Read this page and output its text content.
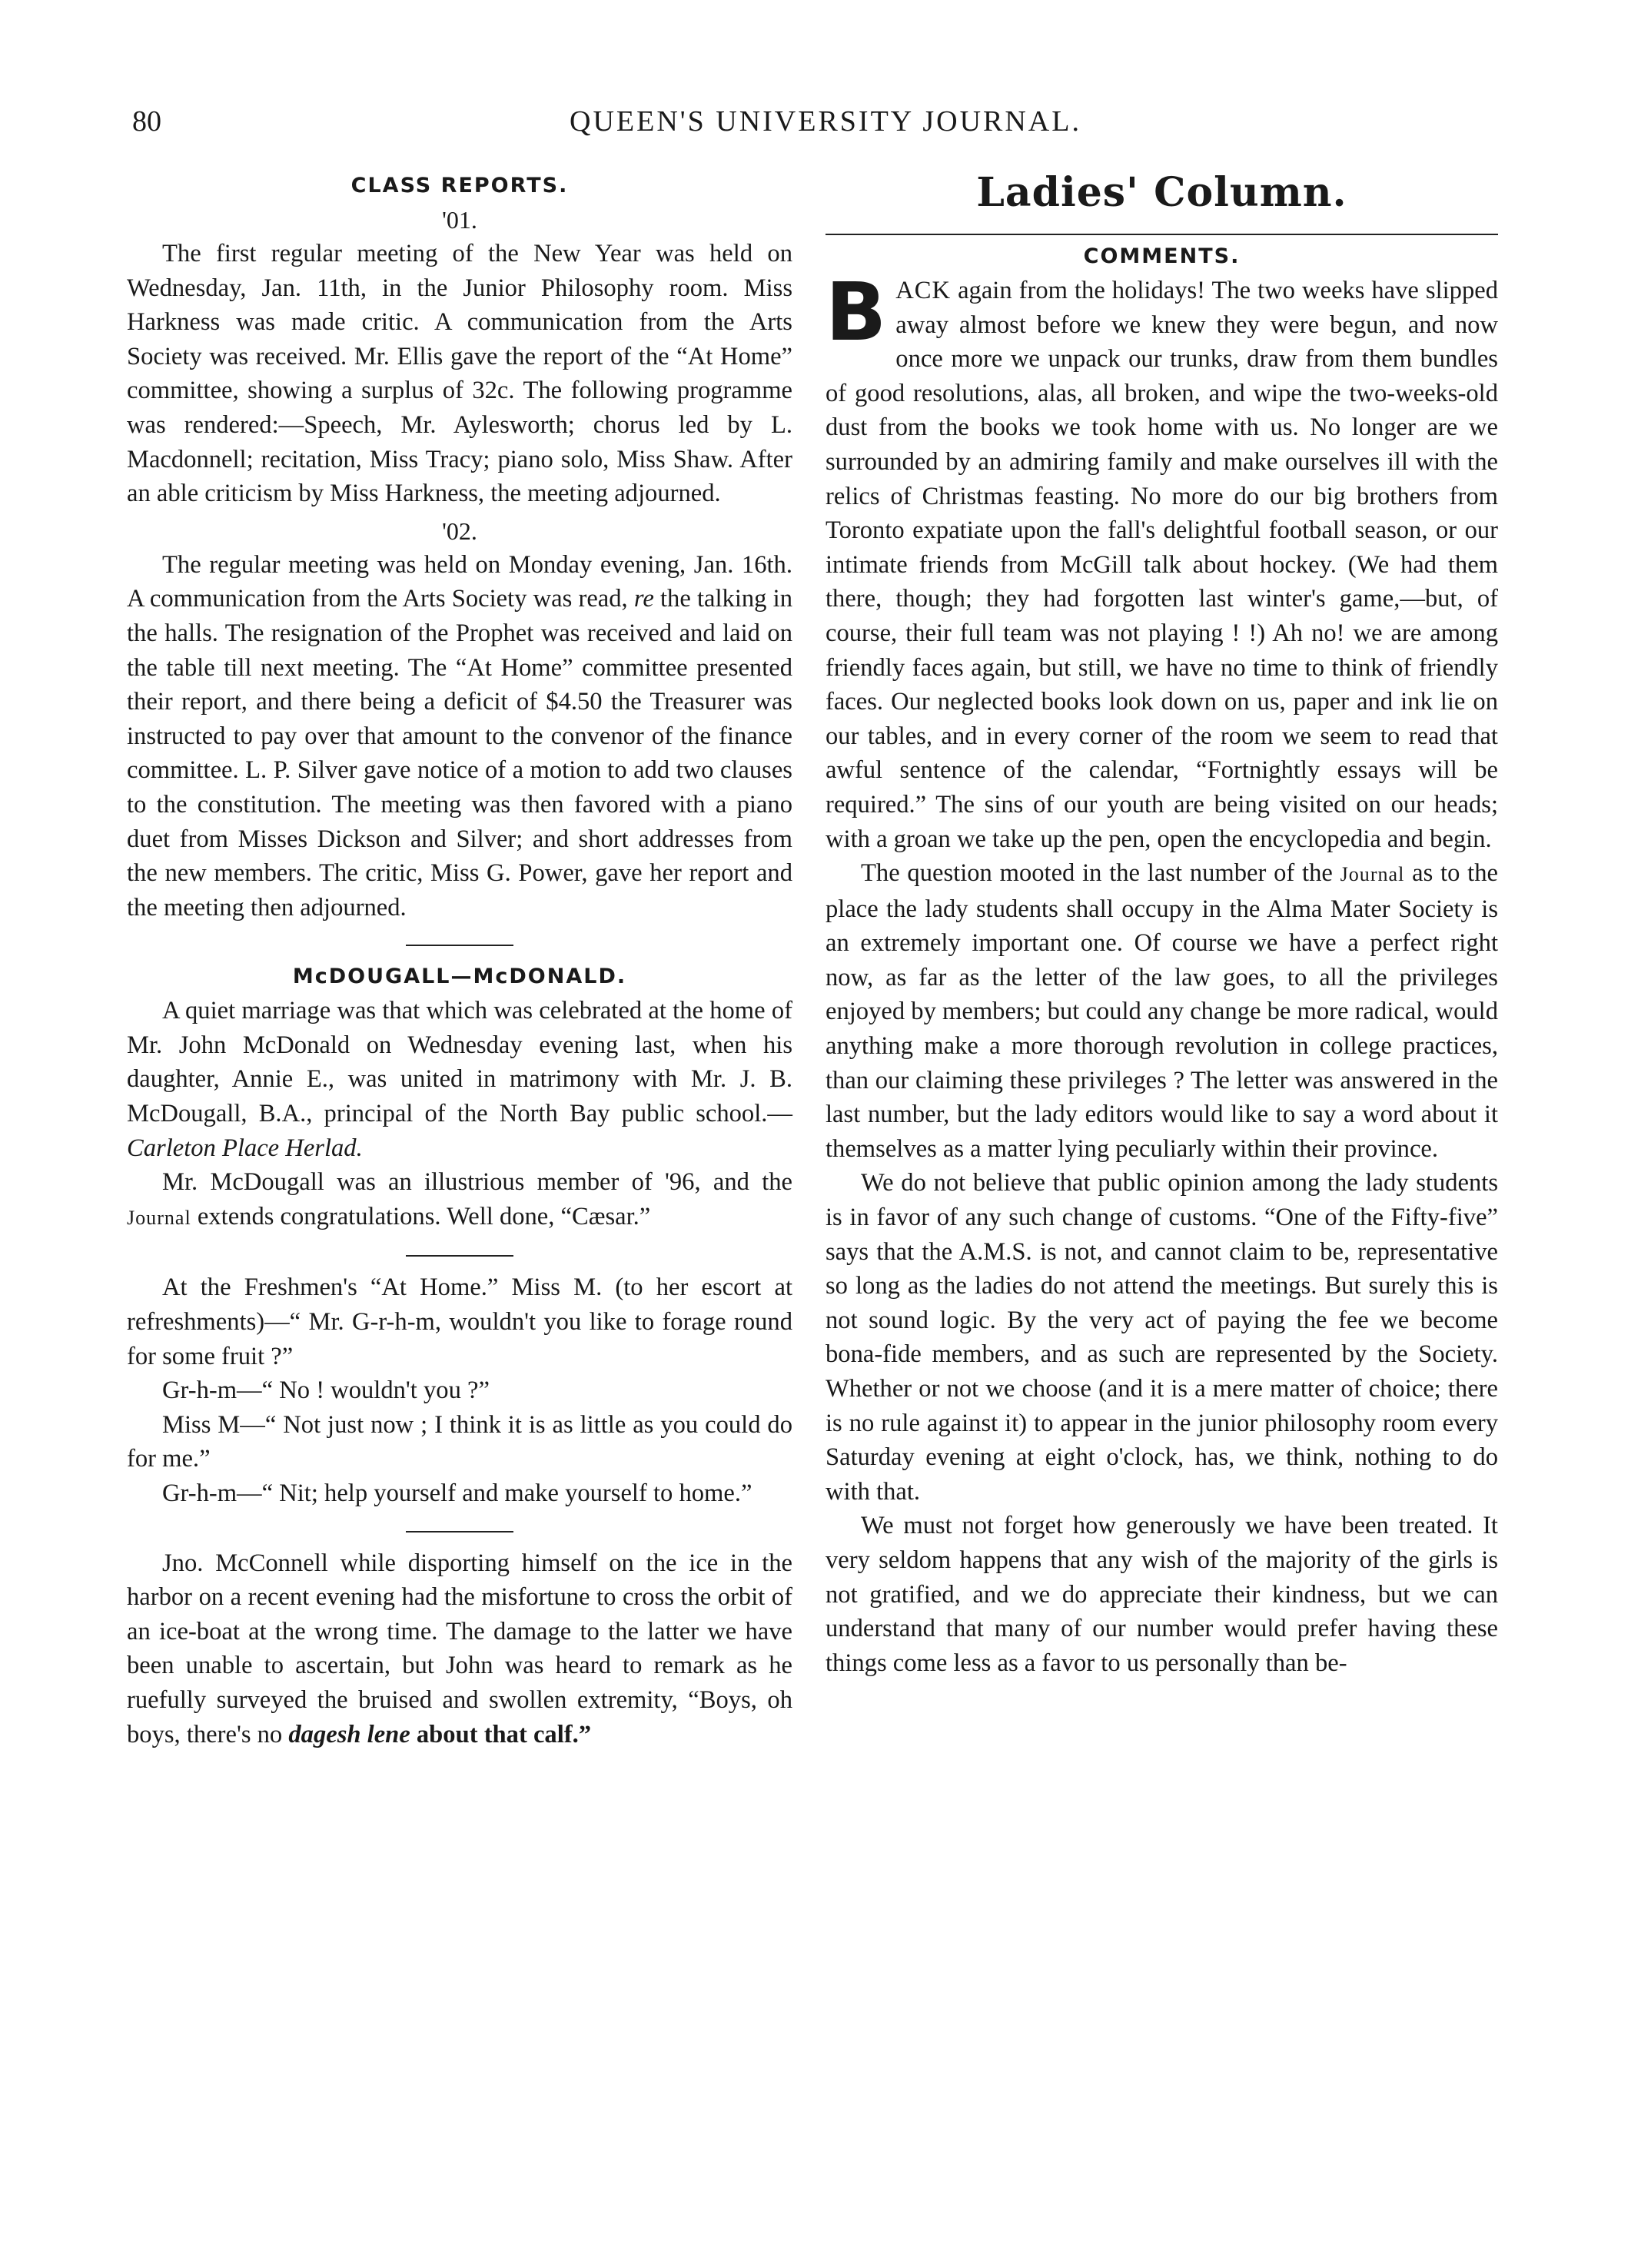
80	QUEEN'S UNIVERSITY JOURNAL.
CLASS REPORTS.
'01.

The first regular meeting of the New Year was held on Wednesday, Jan. 11th, in the Junior Philosophy room. Miss Harkness was made critic. A communication from the Arts Society was received. Mr. Ellis gave the report of the “At Home” committee, showing a surplus of 32c. The following programme was rendered:—Speech, Mr. Aylesworth; chorus led by L. Macdonnell; recitation, Miss Tracy; piano solo, Miss Shaw. After an able criticism by Miss Harkness, the meeting adjourned.

'02.

The regular meeting was held on Monday evening, Jan. 16th. A communication from the Arts Society was read, re the talking in the halls. The resignation of the Prophet was received and laid on the table till next meeting. The “At Home” committee presented their report, and there being a deficit of $4.50 the Treasurer was instructed to pay over that amount to the convenor of the finance committee. L. P. Silver gave notice of a motion to add two clauses to the constitution. The meeting was then favored with a piano duet from Misses Dickson and Silver; and short addresses from the new members. The critic, Miss G. Power, gave her report and the meeting then adjourned.

McDOUGALL—McDONALD.

A quiet marriage was that which was celebrated at the home of Mr. John McDonald on Wednesday evening last, when his daughter, Annie E., was united in matrimony with Mr. J. B. McDougall, B.A., principal of the North Bay public school.—Carleton Place Herlad.

Mr. McDougall was an illustrious member of '96, and the Journal extends congratulations. Well done, “Cæsar.”

At the Freshmen's “At Home.” Miss M. (to her escort at refreshments)—“ Mr. G-r-h-m, wouldn't you like to forage round for some fruit ?”

Gr-h-m—“ No ! wouldn't you ?”

Miss M—“ Not just now ; I think it is as little as you could do for me.”

Gr-h-m—“ Nit; help yourself and make yourself to home.”

Jno. McConnell while disporting himself on the ice in the harbor on a recent evening had the misfortune to cross the orbit of an ice-boat at the wrong time. The damage to the latter we have been unable to ascertain, but John was heard to remark as he ruefully surveyed the bruised and swollen extremity, “Boys, oh boys, there's no dagesh lene about that calf.”

Ladies' Column.
COMMENTS.

BACK again from the holidays! The two weeks have slipped away almost before we knew they were begun, and now once more we unpack our trunks, draw from them bundles of good resolutions, alas, all broken, and wipe the two-weeks-old dust from the books we took home with us. No longer are we surrounded by an admiring family and make ourselves ill with the relics of Christmas feasting. No more do our big brothers from Toronto expatiate upon the fall's delightful football season, or our intimate friends from McGill talk about hockey. (We had them there, though; they had forgotten last winter's game,—but, of course, their full team was not playing ! !) Ah no! we are among friendly faces again, but still, we have no time to think of friendly faces. Our neglected books look down on us, paper and ink lie on our tables, and in every corner of the room we seem to read that awful sentence of the calendar, “Fortnightly essays will be required.” The sins of our youth are being visited on our heads; with a groan we take up the pen, open the encyclopedia and begin.

The question mooted in the last number of the Journal as to the place the lady students shall occupy in the Alma Mater Society is an extremely important one. Of course we have a perfect right now, as far as the letter of the law goes, to all the privileges enjoyed by members; but could any change be more radical, would anything make a more thorough revolution in college practices, than our claiming these privileges ? The letter was answered in the last number, but the lady editors would like to say a word about it themselves as a matter lying peculiarly within their province.

We do not believe that public opinion among the lady students is in favor of any such change of customs. “One of the Fifty-five” says that the A.M.S. is not, and cannot claim to be, representative so long as the ladies do not attend the meetings. But surely this is not sound logic. By the very act of paying the fee we become bona-fide members, and as such are represented by the Society. Whether or not we choose (and it is a mere matter of choice; there is no rule against it) to appear in the junior philosophy room every Saturday evening at eight o'clock, has, we think, nothing to do with that.

We must not forget how generously we have been treated. It very seldom happens that any wish of the majority of the girls is not gratified, and we do appreciate their kindness, but we can understand that many of our number would prefer having these things come less as a favor to us personally than be-
